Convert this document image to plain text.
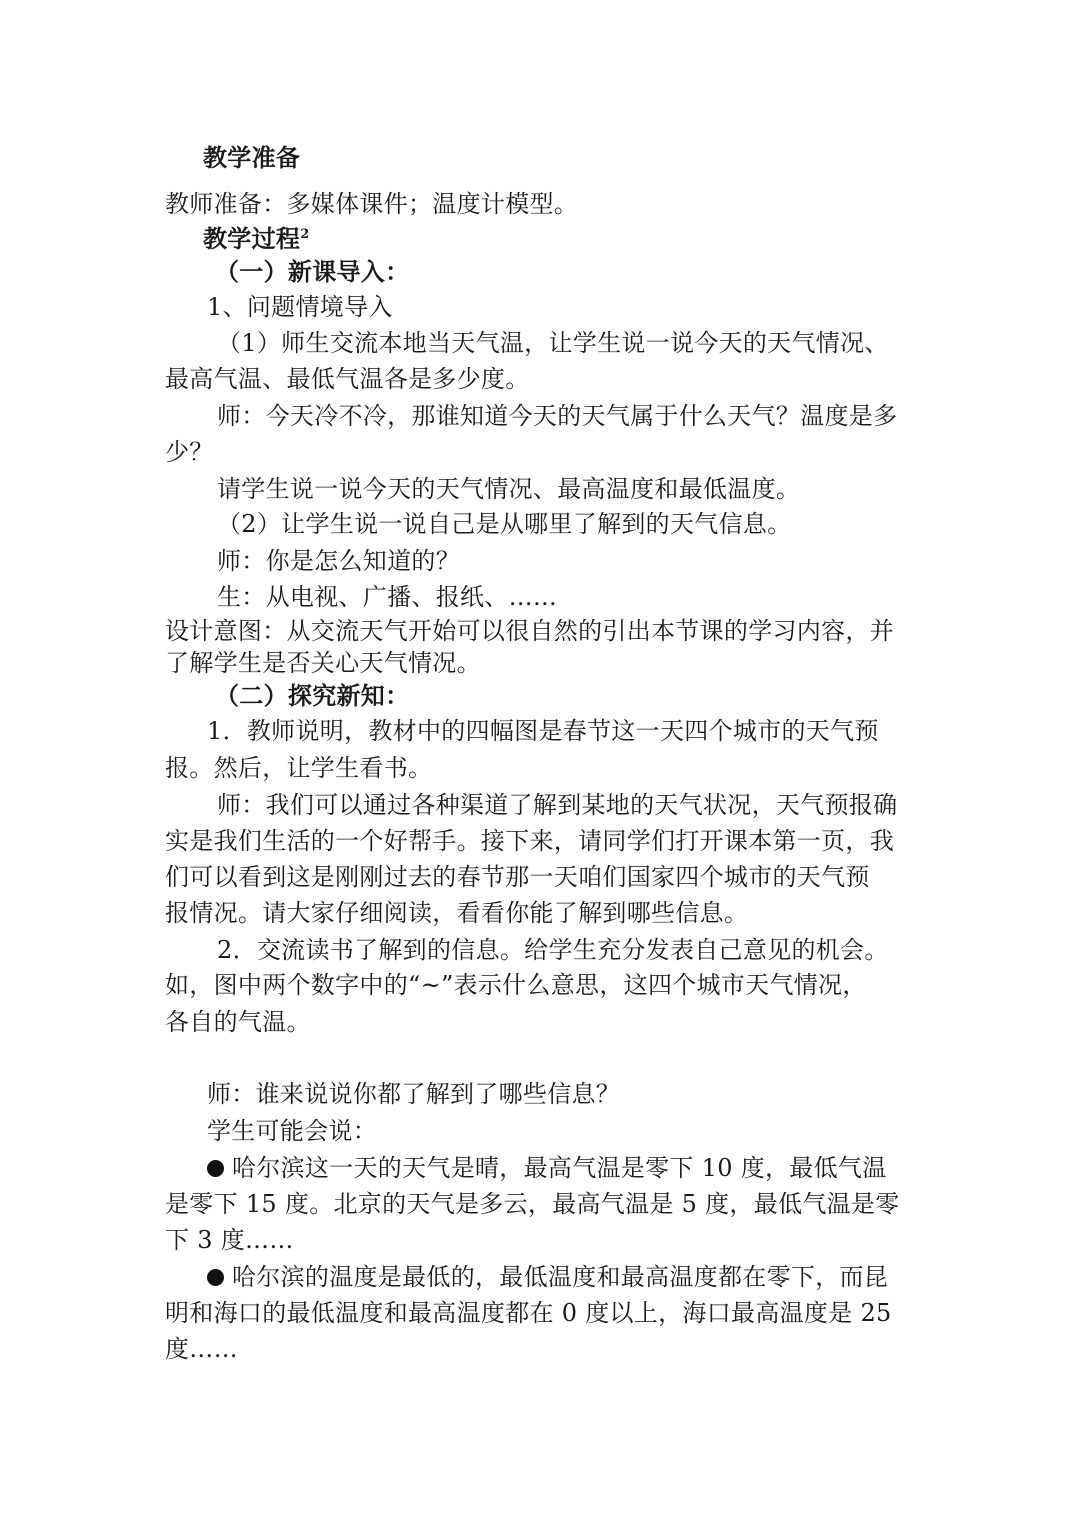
教学准备
教师准备：多媒体课件；温度计模型。
教学过程$^2$
（一）新课导入：
1、问题情境导入
（1）师生交流本地当天气温，让学生说一说今天的天气情况、
最高气温、最低气温各是多少度。
师：今天冷不冷，那谁知道今天的天气属于什么天气？温度是多
少？
请学生说一说今天的天气情况、最高温度和最低温度。
（2）让学生说一说自己是从哪里了解到的天气信息。
师：你是怎么知道的？
生：从电视、广播、报纸、……
设计意图：从交流天气开始可以很自然的引出本节课的学习内容，并
了解学生是否关心天气情况。
（二）探究新知：
1．教师说明，教材中的四幅图是春节这一天四个城市的天气预
报。然后，让学生看书。
师：我们可以通过各种渠道了解到某地的天气状况，天气预报确
实是我们生活的一个好帮手。接下来，请同学们打开课本第一页，我
们可以看到这是刚刚过去的春节那一天咱们国家四个城市的天气预
报情况。请大家仔细阅读，看看你能了解到哪些信息。
2．交流读书了解到的信息。给学生充分发表自己意见的机会。
如，图中两个数字中的“~”表示什么意思，这四个城市天气情况，
各自的气温。
师：谁来说说你都了解到了哪些信息？
学生可能会说：
哈尔滨这一天的天气是晴，最高气温是零下 10 度，最低气温
是零下 15 度。北京的天气是多云，最高气温是 5 度，最低气温是零
下 3 度……
哈尔滨的温度是最低的，最低温度和最高温度都在零下，而昆
明和海口的最低温度和最高温度都在 0 度以上，海口最高温度是 25
度……
